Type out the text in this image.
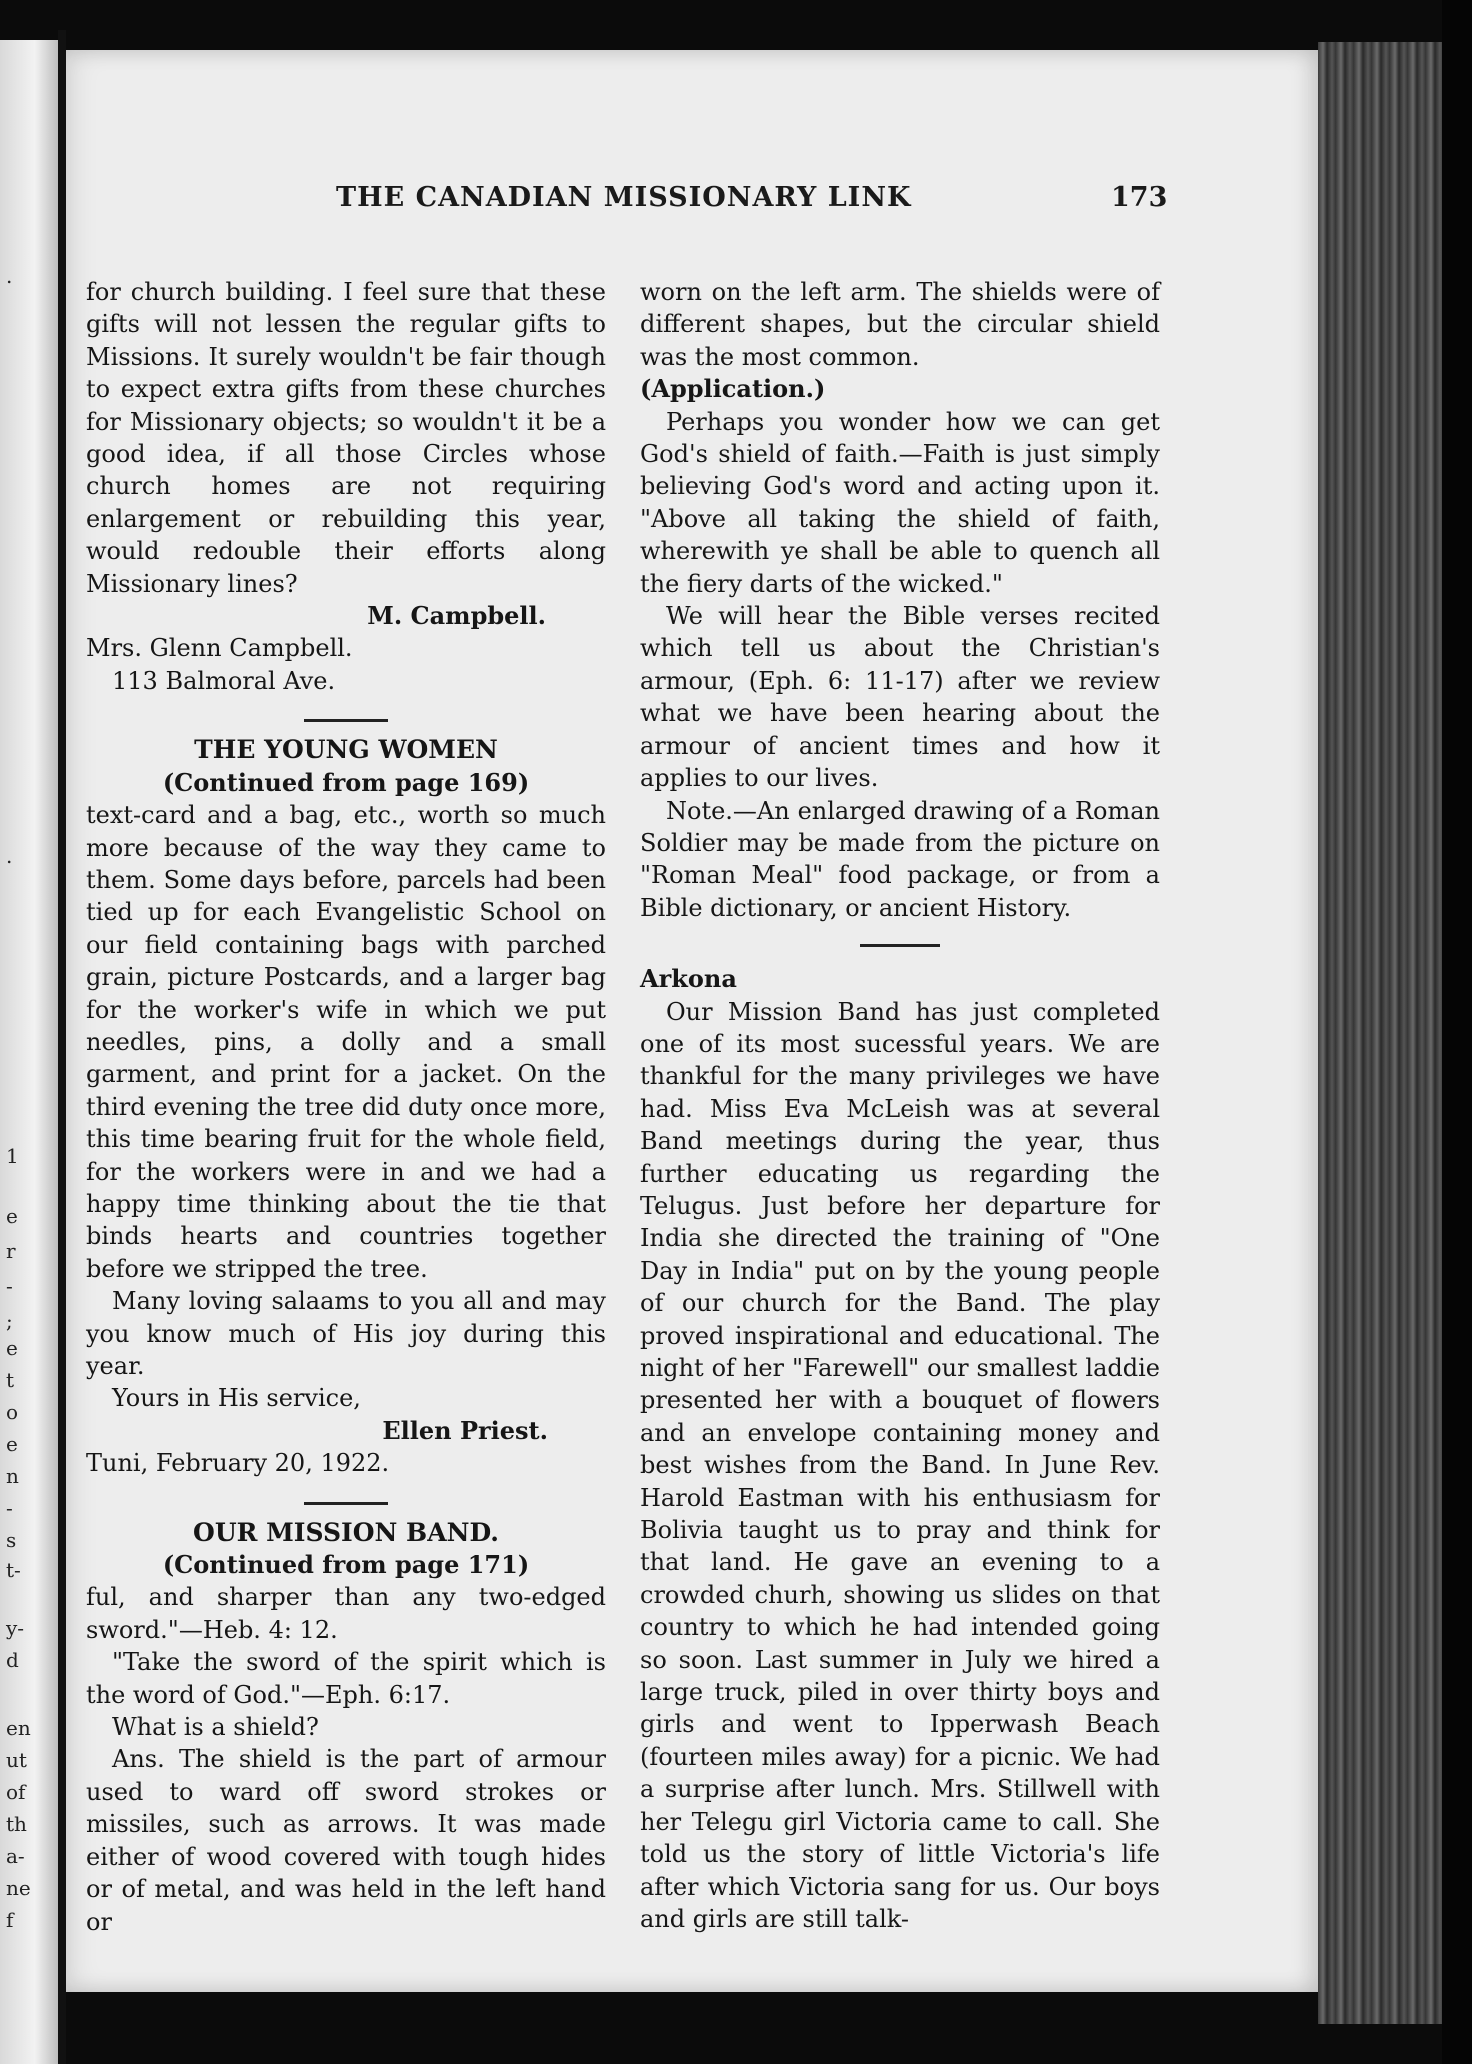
.
.
1
e
r
-
;
e
t
o
e
n
-
s
t-
y-
d
en
ut
of
th
a-
ne
f
THE CANADIAN MISSIONARY LINK	173

for church building. I feel sure that these gifts will not lessen the regular gifts to Missions. It surely wouldn't be fair though to expect extra gifts from these churches for Missionary objects; so wouldn't it be a good idea, if all those Circles whose church homes are not requiring enlargement or rebuilding this year, would redouble their efforts along Missionary lines?

M. Campbell.

Mrs. Glenn Campbell.

113 Balmoral Ave.

THE YOUNG WOMEN

(Continued from page 169)

text-card and a bag, etc., worth so much more because of the way they came to them. Some days before, parcels had been tied up for each Evangelistic School on our field containing bags with parched grain, picture Postcards, and a larger bag for the worker's wife in which we put needles, pins, a dolly and a small garment, and print for a jacket. On the third evening the tree did duty once more, this time bearing fruit for the whole field, for the workers were in and we had a happy time thinking about the tie that binds hearts and countries together before we stripped the tree.

Many loving salaams to you all and may you know much of His joy during this year.

Yours in His service,

Ellen Priest.

Tuni, February 20, 1922.

OUR MISSION BAND.

(Continued from page 171)

ful, and sharper than any two-edged sword."—Heb. 4: 12.

"Take the sword of the spirit which is the word of God."—Eph. 6:17.

What is a shield?

Ans. The shield is the part of armour used to ward off sword strokes or missiles, such as arrows. It was made either of wood covered with tough hides or of metal, and was held in the left hand or

worn on the left arm. The shields were of different shapes, but the circular shield was the most common.

(Application.)

Perhaps you wonder how we can get God's shield of faith.—Faith is just simply believing God's word and acting upon it. "Above all taking the shield of faith, wherewith ye shall be able to quench all the fiery darts of the wicked."

We will hear the Bible verses recited which tell us about the Christian's armour, (Eph. 6: 11-17) after we review what we have been hearing about the armour of ancient times and how it applies to our lives.

Note.—An enlarged drawing of a Roman Soldier may be made from the picture on "Roman Meal" food package, or from a Bible dictionary, or ancient History.

Arkona

Our Mission Band has just completed one of its most sucessful years. We are thankful for the many privileges we have had. Miss Eva McLeish was at several Band meetings during the year, thus further educating us regarding the Telugus. Just before her departure for India she directed the training of "One Day in India" put on by the young people of our church for the Band. The play proved inspirational and educational. The night of her "Farewell" our smallest laddie presented her with a bouquet of flowers and an envelope containing money and best wishes from the Band. In June Rev. Harold Eastman with his enthusiasm for Bolivia taught us to pray and think for that land. He gave an evening to a crowded churh, showing us slides on that country to which he had intended going so soon. Last summer in July we hired a large truck, piled in over thirty boys and girls and went to Ipperwash Beach (fourteen miles away) for a picnic. We had a surprise after lunch. Mrs. Stillwell with her Telegu girl Victoria came to call. She told us the story of little Victoria's life after which Victoria sang for us. Our boys and girls are still talk-
